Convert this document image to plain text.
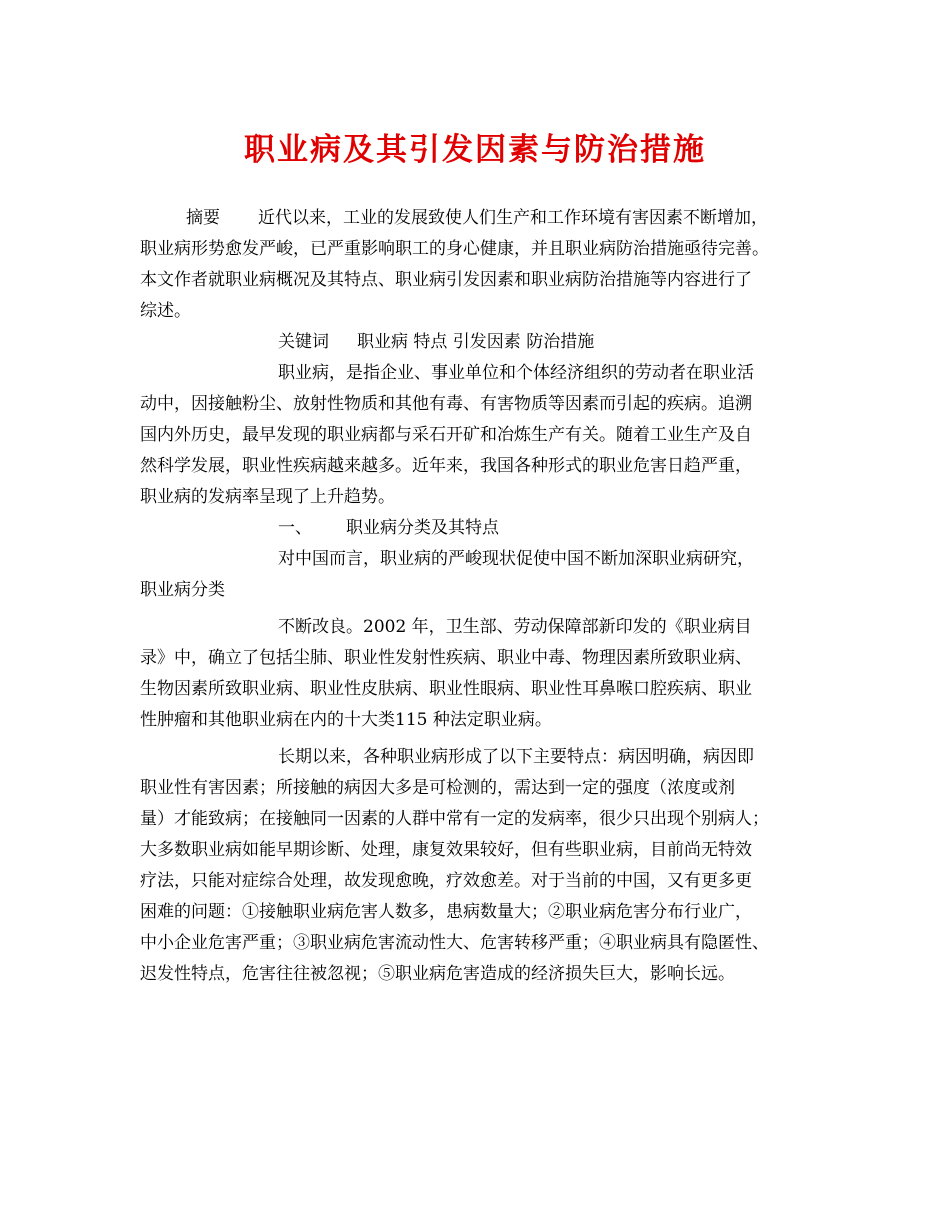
职业病及其引发因素与防治措施
摘要 近代以来，工业的发展致使人们生产和工作环境有害因素不断增加，
职业病形势愈发严峻，已严重影响职工的身心健康，并且职业病防治措施亟待完善。
本文作者就职业病概况及其特点、职业病引发因素和职业病防治措施等内容进行了
综述。
关键词 职业病 特点 引发因素 防治措施
职业病，是指企业、事业单位和个体经济组织的劳动者在职业活
动中，因接触粉尘、放射性物质和其他有毒、有害物质等因素而引起的疾病。追溯
国内外历史，最早发现的职业病都与采石开矿和冶炼生产有关。随着工业生产及自
然科学发展，职业性疾病越来越多。近年来，我国各种形式的职业危害日趋严重，
职业病的发病率呈现了上升趋势。
一、 职业病分类及其特点
对中国而言，职业病的严峻现状促使中国不断加深职业病研究，
职业病分类
不断改良。2002 年，卫生部、劳动保障部新印发的《职业病目
录》中，确立了包括尘肺、职业性发射性疾病、职业中毒、物理因素所致职业病、
生物因素所致职业病、职业性皮肤病、职业性眼病、职业性耳鼻喉口腔疾病、职业
性肿瘤和其他职业病在内的十大类115 种法定职业病。
长期以来，各种职业病形成了以下主要特点：病因明确，病因即
职业性有害因素；所接触的病因大多是可检测的，需达到一定的强度（浓度或剂
量）才能致病；在接触同一因素的人群中常有一定的发病率，很少只出现个别病人；
大多数职业病如能早期诊断、处理，康复效果较好，但有些职业病，目前尚无特效
疗法，只能对症综合处理，故发现愈晚，疗效愈差。对于当前的中国，又有更多更
困难的问题：①接触职业病危害人数多，患病数量大；②职业病危害分布行业广，
中小企业危害严重；③职业病危害流动性大、危害转移严重；④职业病具有隐匿性、
迟发性特点，危害往往被忽视；⑤职业病危害造成的经济损失巨大，影响长远。
